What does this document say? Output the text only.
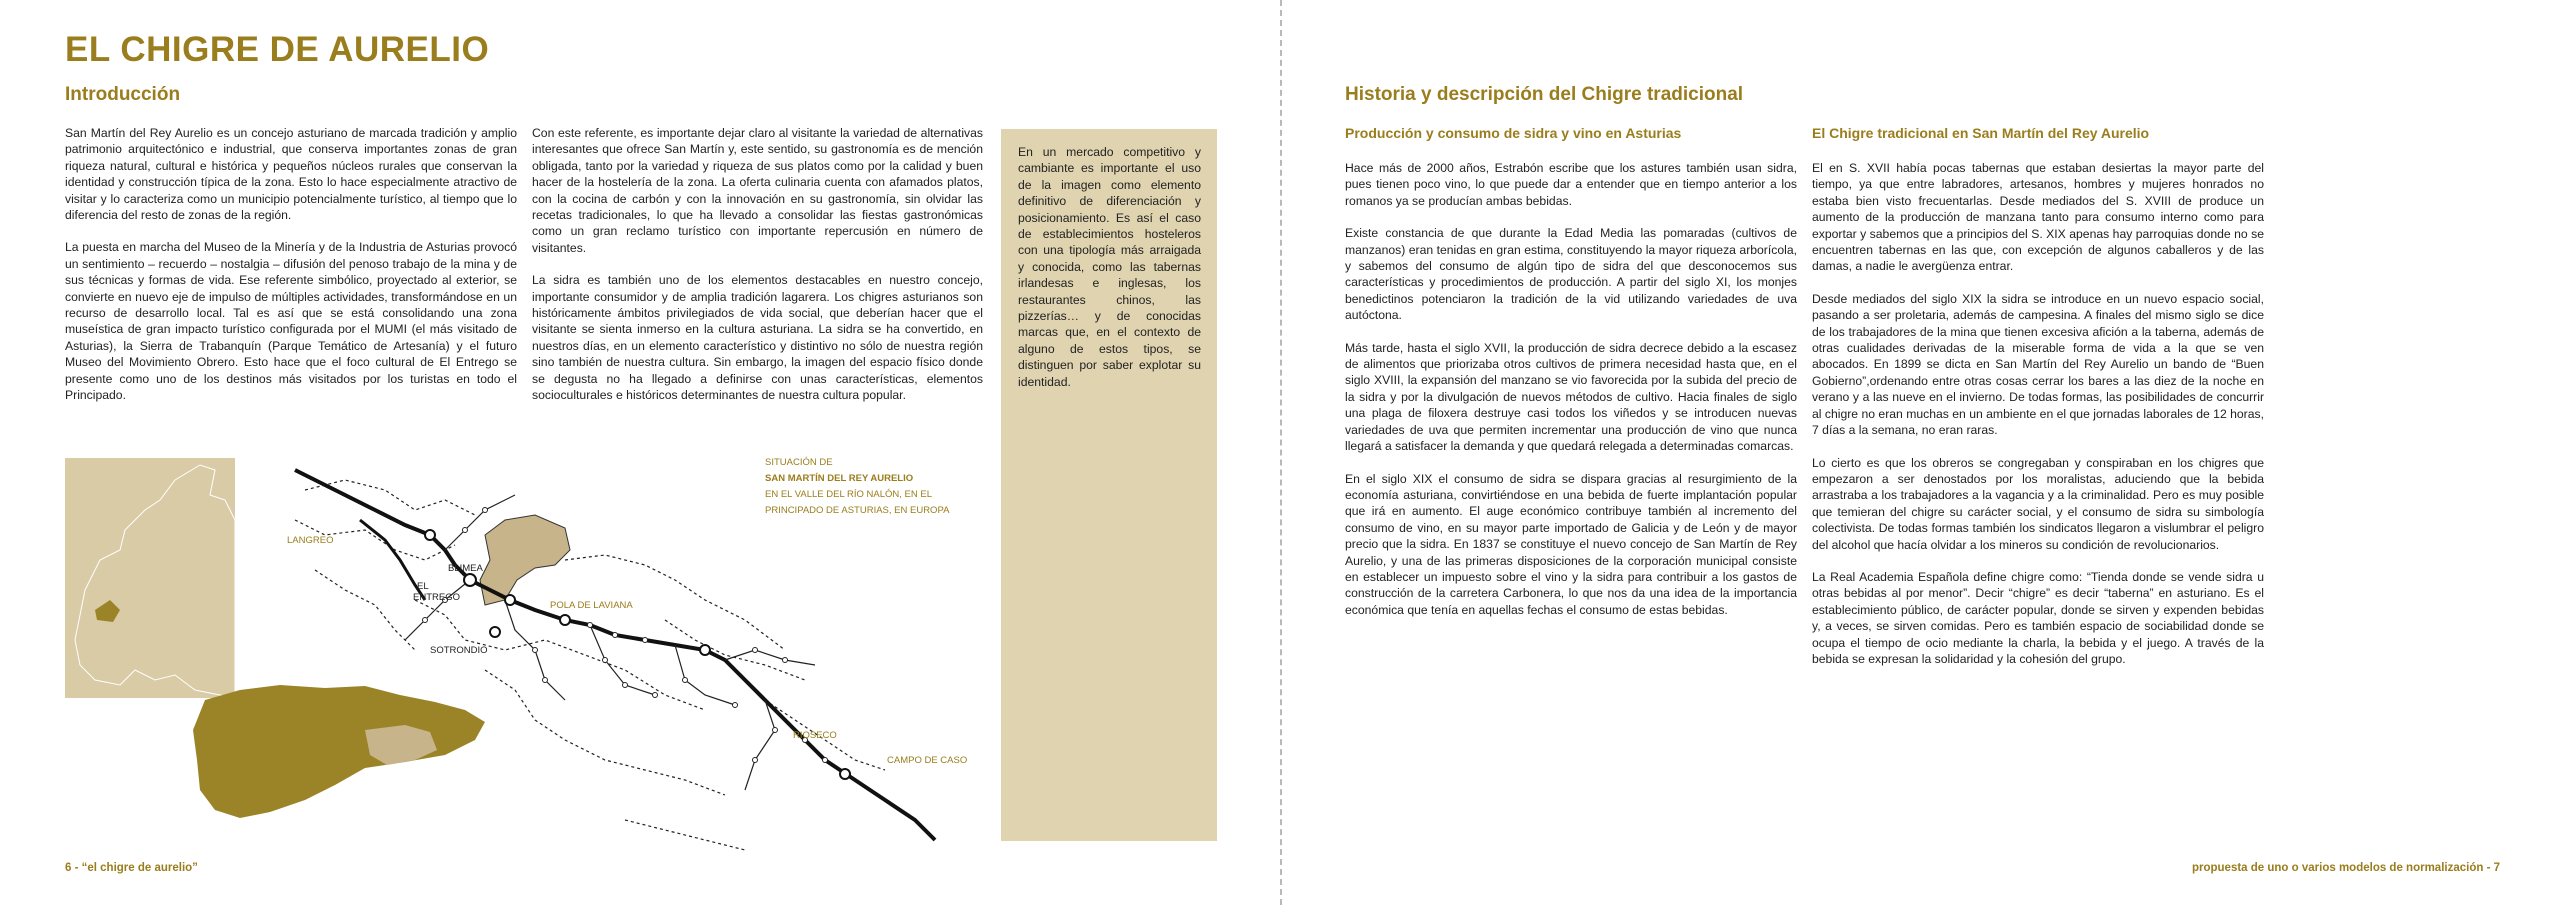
EL CHIGRE DE AURELIO
Introducción

San Martín del Rey Aurelio es un concejo asturiano de marcada tradición y amplio patrimonio arquitectónico e industrial, que conserva importantes zonas de gran riqueza natural, cultural e histórica y pequeños núcleos rurales que conservan la identidad y construcción típica de la zona. Esto lo hace especialmente atractivo de visitar y lo caracteriza como un municipio potencialmente turístico, al tiempo que lo diferencia del resto de zonas de la región.

La puesta en marcha del Museo de la Minería y de la Industria de Asturias provocó un sentimiento – recuerdo – nostalgia – difusión del penoso trabajo de la mina y de sus técnicas y formas de vida. Ese referente simbólico, proyectado al exterior, se convierte en nuevo eje de impulso de múltiples actividades, transformándose en un recurso de desarrollo local. Tal es así que se está consolidando una zona museística de gran impacto turístico configurada por el MUMI (el más visitado de Asturias), la Sierra de Trabanquín (Parque Temático de Artesanía) y el futuro Museo del Movimiento Obrero. Esto hace que el foco cultural de El Entrego se presente como uno de los destinos más visitados por los turistas en todo el Principado.

Con este referente, es importante dejar claro al visitante la variedad de alternativas interesantes que ofrece San Martín y, este sentido, su gastronomía es de mención obligada, tanto por la variedad y riqueza de sus platos como por la calidad y buen hacer de la hostelería de la zona. La oferta culinaria cuenta con afamados platos, con la cocina de carbón y con la innovación en su gastronomía, sin olvidar las recetas tradicionales, lo que ha llevado a consolidar las fiestas gastronómicas como un gran reclamo turístico con importante repercusión en número de visitantes.

La sidra es también uno de los elementos destacables en nuestro concejo, importante consumidor y de amplia tradición lagarera. Los chigres asturianos son históricamente ámbitos privilegiados de vida social, que deberían hacer que el visitante se sienta inmerso en la cultura asturiana. La sidra se ha convertido, en nuestros días, en un elemento característico y distintivo no sólo de nuestra región sino también de nuestra cultura. Sin embargo, la imagen del espacio físico donde se degusta no ha llegado a definirse con unas características, elementos socioculturales e históricos determinantes de nuestra cultura popular.

En un mercado competitivo y cambiante es importante el uso de la imagen como elemento definitivo de diferenciación y posicionamiento. Es así el caso de establecimientos hosteleros con una tipología más arraigada y conocida, como las tabernas irlandesas e inglesas, los restaurantes chinos, las pizzerías… y de conocidas marcas que, en el contexto de alguno de estos tipos, se distinguen por saber explotar su identidad.
LANGREO
BLIMEA
EL
ENTREGO
POLA DE LAVIANA
SOTRONDIO
RIOSECO
CAMPO DE CASO
SITUACIÓN DE
SAN MARTÍN DEL REY AURELIO
EN EL VALLE DEL RÍO NALÓN, EN EL
PRINCIPADO DE ASTURIAS, EN EUROPA
6 - “el chigre de aurelio”
Historia y descripción del Chigre tradicional
Producción y consumo de sidra y vino en Asturias

Hace más de 2000 años, Estrabón escribe que los astures también usan sidra, pues tienen poco vino, lo que puede dar a entender que en tiempo anterior a los romanos ya se producían ambas bebidas.

Existe constancia de que durante la Edad Media las pomaradas (cultivos de manzanos) eran tenidas en gran estima, constituyendo la mayor riqueza arborícola, y sabemos del consumo de algún tipo de sidra del que desconocemos sus características y procedimientos de producción. A partir del siglo XI, los monjes benedictinos potenciaron la tradición de la vid utilizando variedades de uva autóctona.

Más tarde, hasta el siglo XVII, la producción de sidra decrece debido a la escasez de alimentos que priorizaba otros cultivos de primera necesidad hasta que, en el siglo XVIII, la expansión del manzano se vio favorecida por la subida del precio de la sidra y por la divulgación de nuevos métodos de cultivo. Hacia finales de siglo una plaga de filoxera destruye casi todos los viñedos y se introducen nuevas variedades de uva que permiten incrementar una producción de vino que nunca llegará a satisfacer la demanda y que quedará relegada a determinadas comarcas.

En el siglo XIX el consumo de sidra se dispara gracias al resurgimiento de la economía asturiana, convirtiéndose en una bebida de fuerte implantación popular que irá en aumento. El auge económico contribuye también al incremento del consumo de vino, en su mayor parte importado de Galicia y de León y de mayor precio que la sidra. En 1837 se constituye el nuevo concejo de San Martín de Rey Aurelio, y una de las primeras disposiciones de la corporación municipal consiste en establecer un impuesto sobre el vino y la sidra para contribuir a los gastos de construcción de la carretera Carbonera, lo que nos da una idea de la importancia económica que tenía en aquellas fechas el consumo de estas bebidas.

El Chigre tradicional en San Martín del Rey Aurelio

El en S. XVII había pocas tabernas que estaban desiertas la mayor parte del tiempo, ya que entre labradores, artesanos, hombres y mujeres honrados no estaba bien visto frecuentarlas. Desde mediados del S. XVIII de produce un aumento de la producción de manzana tanto para consumo interno como para exportar y sabemos que a principios del S. XIX apenas hay parroquias donde no se encuentren tabernas en las que, con excepción de algunos caballeros y de las damas, a nadie le avergüenza entrar.

Desde mediados del siglo XIX la sidra se introduce en un nuevo espacio social, pasando a ser proletaria, además de campesina. A finales del mismo siglo se dice de los trabajadores de la mina que tienen excesiva afición a la taberna, además de otras cualidades derivadas de la miserable forma de vida a la que se ven abocados. En 1899 se dicta en San Martín del Rey Aurelio un bando de “Buen Gobierno”,ordenando entre otras cosas cerrar los bares a las diez de la noche en verano y a las nueve en el invierno. De todas formas, las posibilidades de concurrir al chigre no eran muchas en un ambiente en el que jornadas laborales de 12 horas, 7 días a la semana, no eran raras.

Lo cierto es que los obreros se congregaban y conspiraban en los chigres que empezaron a ser denostados por los moralistas, aduciendo que la bebida arrastraba a los trabajadores a la vagancia y a la criminalidad. Pero es muy posible que temieran del chigre su carácter social, y el consumo de sidra su simbología colectivista. De todas formas también los sindicatos llegaron a vislumbrar el peligro del alcohol que hacía olvidar a los mineros su condición de revolucionarios.

La Real Academia Española define chigre como: “Tienda donde se vende sidra u otras bebidas al por menor”. Decir “chigre” es decir “taberna” en asturiano. Es el establecimiento público, de carácter popular, donde se sirven y expenden bebidas y, a veces, se sirven comidas. Pero es también espacio de sociabilidad donde se ocupa el tiempo de ocio mediante la charla, la bebida y el juego. A través de la bebida se expresan la solidaridad y la cohesión del grupo.

propuesta de uno o varios modelos de normalización - 7
